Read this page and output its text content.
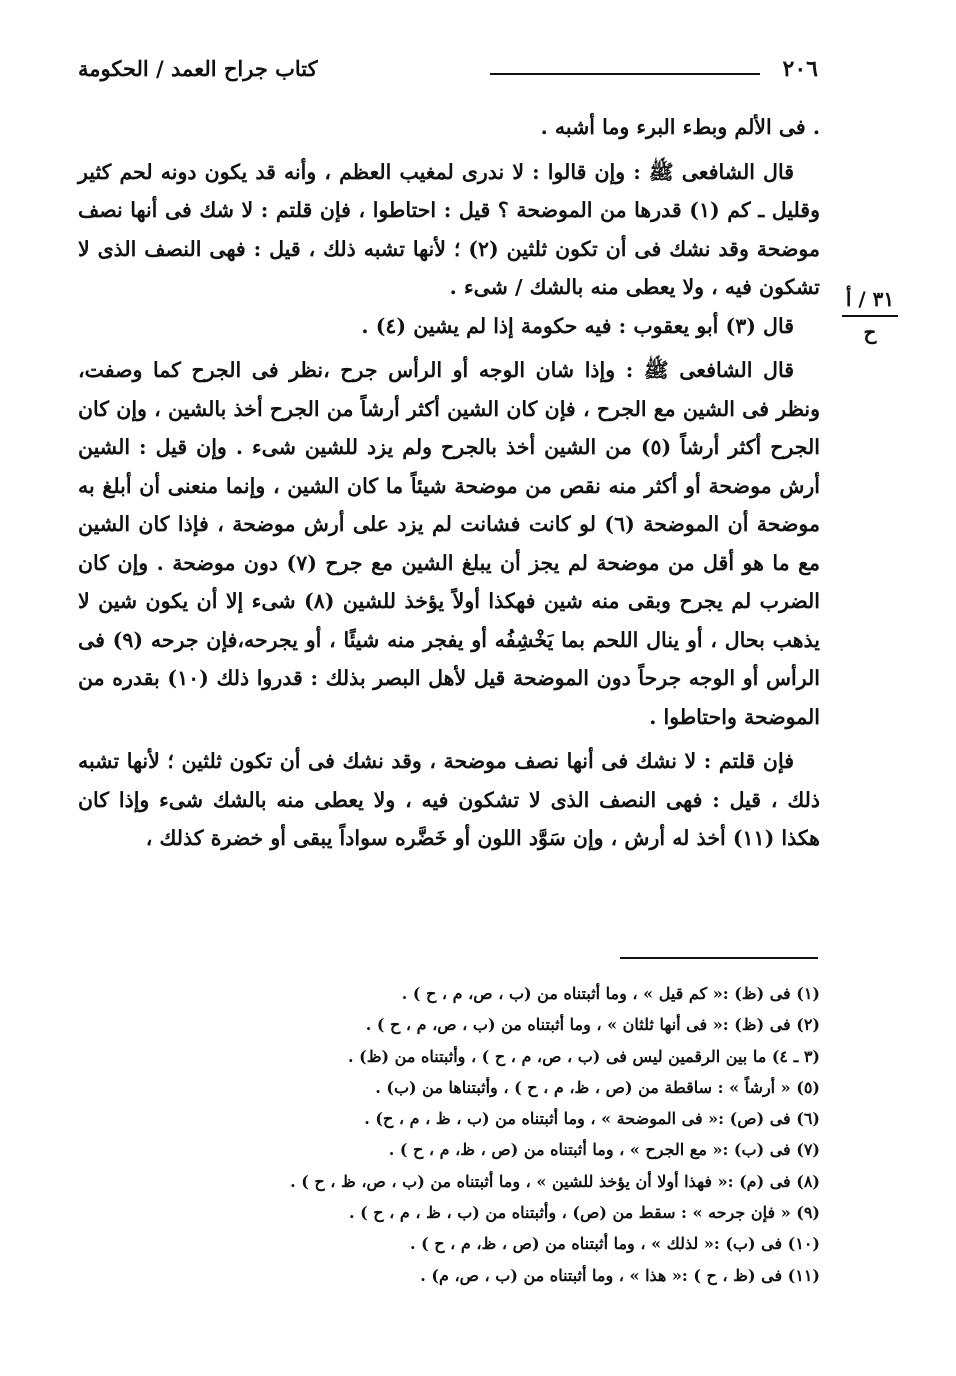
٢٠٦
كتاب جراح العمد / الحكومة

. فى الألم وبطء البرء وما أشبه .

قال الشافعى ﷺ : وإن قالوا : لا ندرى لمغيب العظم ، وأنه قد يكون دونه لحم كثير وقليل ـ كم (١) قدرها من الموضحة ؟ قيل : احتاطوا ، فإن قلتم : لا شك فى أنها نصف موضحة وقد نشك فى أن تكون ثلثين (٢) ؛ لأنها تشبه ذلك ، قيل : فهى النصف الذى لا تشكون فيه ، ولا يعطى منه بالشك / شىء .

قال (٣) أبو يعقوب : فيه حكومة إذا لم يشين (٤) .

قال الشافعى ﷺ : وإذا شان الوجه أو الرأس جرح ،نظر فى الجرح كما وصفت، ونظر فى الشين مع الجرح ، فإن كان الشين أكثر أرشاً من الجرح أخذ بالشين ، وإن كان الجرح أكثر أرشاً (٥) من الشين أخذ بالجرح ولم يزد للشين شىء . وإن قيل : الشين أرش موضحة أو أكثر منه نقص من موضحة شيئاً ما كان الشين ، وإنما منعنى أن أبلغ به موضحة أن الموضحة (٦) لو كانت فشانت لم يزد على أرش موضحة ، فإذا كان الشين مع ما هو أقل من موضحة لم يجز أن يبلغ الشين مع جرح (٧) دون موضحة . وإن كان الضرب لم يجرح وبقى منه شين فهكذا أولاً يؤخذ للشين (٨) شىء إلا أن يكون شين لا يذهب بحال ، أو ينال اللحم بما يَخْشِفُه أو يفجر منه شيئًا ، أو يجرحه،فإن جرحه (٩) فى الرأس أو الوجه جرحاً دون الموضحة قيل لأهل البصر بذلك : قدروا ذلك (١٠) بقدره من الموضحة واحتاطوا .

فإن قلتم : لا نشك فى أنها نصف موضحة ، وقد نشك فى أن تكون ثلثين ؛ لأنها تشبه ذلك ، قيل : فهى النصف الذى لا تشكون فيه ، ولا يعطى منه بالشك شىء وإذا كان هكذا (١١) أخذ له أرش ، وإن سَوَّد اللون أو خَضَّره سواداً يبقى أو خضرة كذلك ،

٣١ / أ
ح
(١) فى (ظ) :« كم قيل » ، وما أثبتناه من (ب ، ص، م ، ح ) .
(٢) فى (ظ) :« فى أنها ثلثان » ، وما أثبتناه من (ب ، ص، م ، ح ) .
(٣ ـ ٤) ما بين الرقمين ليس فى (ب ، ص، م ، ح ) ، وأثبتناه من (ظ) .
(٥) « أرشاً » : ساقطة من (ص ، ظ، م ، ح ) ، وأثبتناها من (ب) .
(٦) فى (ص) :« فى الموضحة » ، وما أثبتناه من (ب ، ظ ، م ، ح) .
(٧) فى (ب) :« مع الجرح » ، وما أثبتناه من (ص ، ظ، م ، ح ) .
(٨) فى (م) :« فهذا أولا أن يؤخذ للشين » ، وما أثبتناه من (ب ، ص، ظ ، ح ) .
(٩) « فإن جرحه » : سقط من (ص) ، وأثبتناه من (ب ، ظ ، م ، ح ) .
(١٠) فى (ب) :« لذلك » ، وما أثبتناه من (ص ، ظ، م ، ح ) .
(١١) فى (ظ ، ح ) :« هذا » ، وما أثبتناه من (ب ، ص، م) .
